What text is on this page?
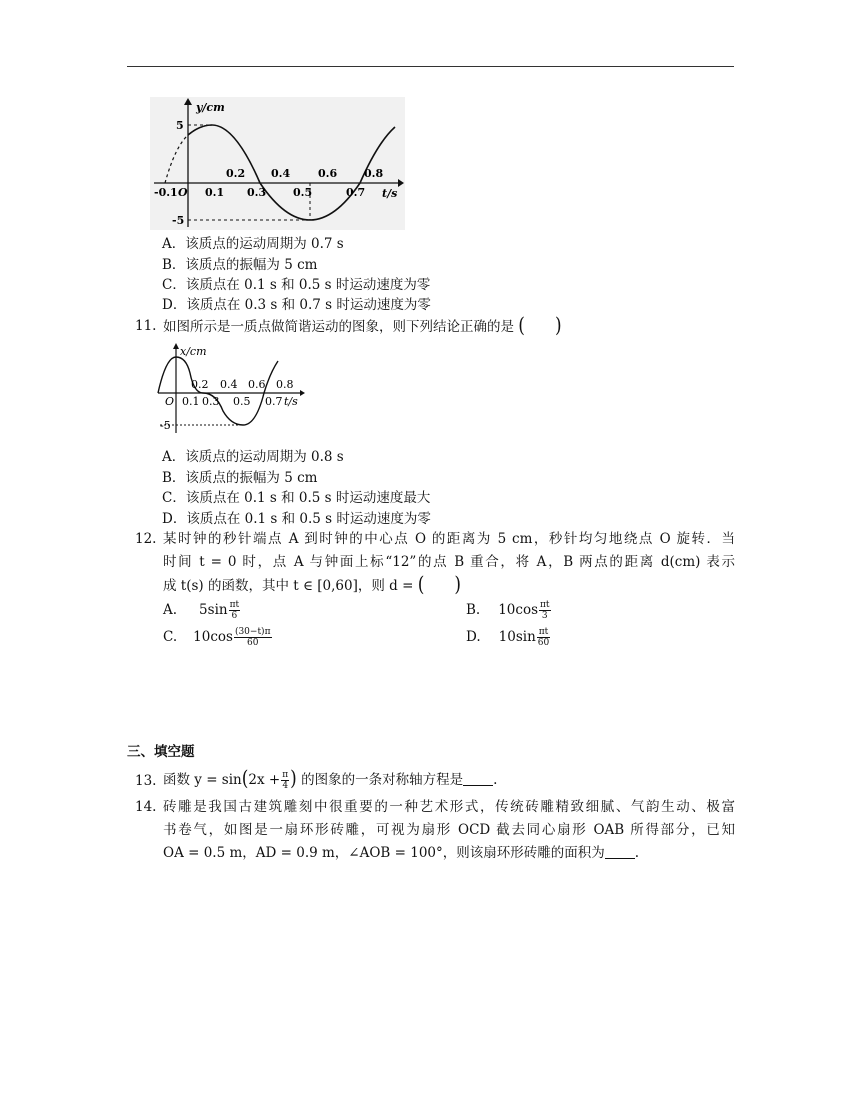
y/cm
5
-5
O	t/s
0.2 0.4	0.6 0.8
-0.1 0.1 0.3 0.5	0.7
A．该质点的运动周期为 0.7 s
B．该质点的振幅为 5 cm
C．该质点在 0.1 s 和 0.5 s 时运动速度为零
D．该质点在 0.3 s 和 0.7 s 时运动速度为零
11. 如图所示是一质点做简谐运动的图象，则下列结论正确的是 ( )
x/cm
O	t/s
-5
0.2 0.4 0.6 0.8
0.1 0.3 0.5 0.7
A．该质点的运动周期为 0.8 s
B．该质点的振幅为 5 cm
C．该质点在 0.1 s 和 0.5 s 时运动速度最大
D．该质点在 0.1 s 和 0.5 s 时运动速度为零
12. 某时钟的秒针端点 A 到时钟的中心点 O 的距离为 5 cm，秒针均匀地绕点 O 旋转．当
时间 t = 0 时，点 A 与钟面上标“12”的点 B 重合，将 A，B 两点的距离 d(cm) 表示
成 t(s) 的函数，其中 t ∈ [0,60]，则 d = ( )
A. $5\sin \frac{\pi t}{6}$	B. $10\cos \frac{\pi t}{3}$
C. $10\cos \frac{(30-t)\pi}{60}$	D. $10\sin \frac{\pi t}{60}$
三、填空题
13. 函数 $y = \sin(2x + \frac{\pi}{4}$ ) 的图象的一条对称轴方程是 .
14. 砖雕是我国古建筑雕刻中很重要的一种艺术形式，传统砖雕精致细腻、气韵生动、极富
书卷气，如图是一扇环形砖雕，可视为扇形 OCD 截去同心扇形 OAB 所得部分，已知
OA = 0.5 m，AD = 0.9 m，∠AOB = 100°，则该扇环形砖雕的面积为 .
